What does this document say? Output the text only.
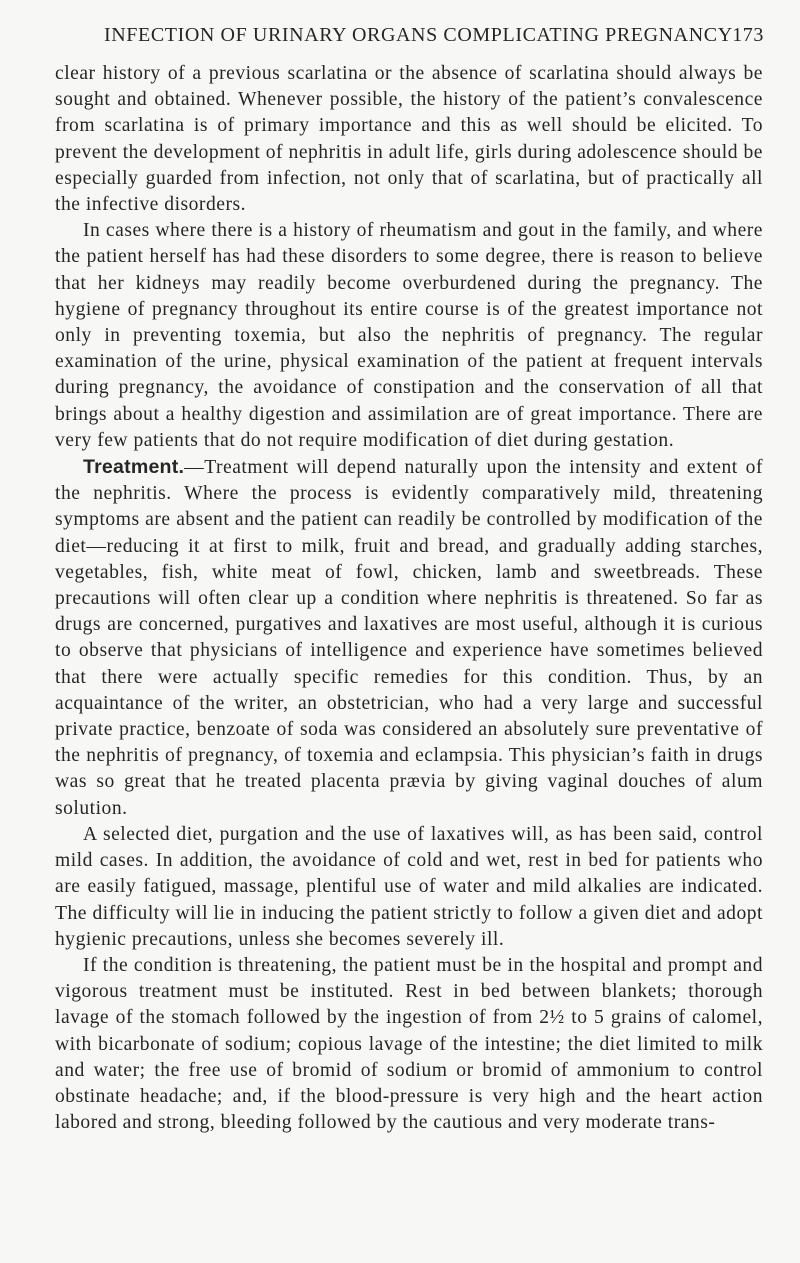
INFECTION OF URINARY ORGANS COMPLICATING PREGNANCY 173

clear history of a previous scarlatina or the absence of scarlatina should always be sought and obtained. Whenever possible, the history of the patient’s convalescence from scarlatina is of primary importance and this as well should be elicited. To prevent the development of nephritis in adult life, girls during adolescence should be especially guarded from infection, not only that of scarlatina, but of practically all the infective disorders.

In cases where there is a history of rheumatism and gout in the family, and where the patient herself has had these disorders to some degree, there is reason to believe that her kidneys may readily become overburdened during the pregnancy. The hygiene of pregnancy throughout its entire course is of the greatest importance not only in preventing toxemia, but also the nephritis of pregnancy. The regular examination of the urine, physical examination of the patient at frequent intervals during pregnancy, the avoidance of constipation and the conservation of all that brings about a healthy digestion and assimilation are of great importance. There are very few patients that do not require modification of diet during gestation.

Treatment.—Treatment will depend naturally upon the intensity and extent of the nephritis. Where the process is evidently comparatively mild, threatening symptoms are absent and the patient can readily be controlled by modification of the diet—reducing it at first to milk, fruit and bread, and gradually adding starches, vegetables, fish, white meat of fowl, chicken, lamb and sweetbreads. These precautions will often clear up a condition where nephritis is threatened. So far as drugs are concerned, purgatives and laxatives are most useful, although it is curious to observe that physicians of intelligence and experience have sometimes believed that there were actually specific remedies for this condition. Thus, by an acquaintance of the writer, an obstetrician, who had a very large and successful private practice, benzoate of soda was considered an absolutely sure preventative of the nephritis of pregnancy, of toxemia and eclampsia. This physician’s faith in drugs was so great that he treated placenta prævia by giving vaginal douches of alum solution.

A selected diet, purgation and the use of laxatives will, as has been said, control mild cases. In addition, the avoidance of cold and wet, rest in bed for patients who are easily fatigued, massage, plentiful use of water and mild alkalies are indicated. The difficulty will lie in inducing the patient strictly to follow a given diet and adopt hygienic precautions, unless she becomes severely ill.

If the condition is threatening, the patient must be in the hospital and prompt and vigorous treatment must be instituted. Rest in bed between blankets; thorough lavage of the stomach followed by the ingestion of from 2½ to 5 grains of calomel, with bicarbonate of sodium; copious lavage of the intestine; the diet limited to milk and water; the free use of bromid of sodium or bromid of ammonium to control obstinate headache; and, if the blood-pressure is very high and the heart action labored and strong, bleeding followed by the cautious and very moderate trans-
